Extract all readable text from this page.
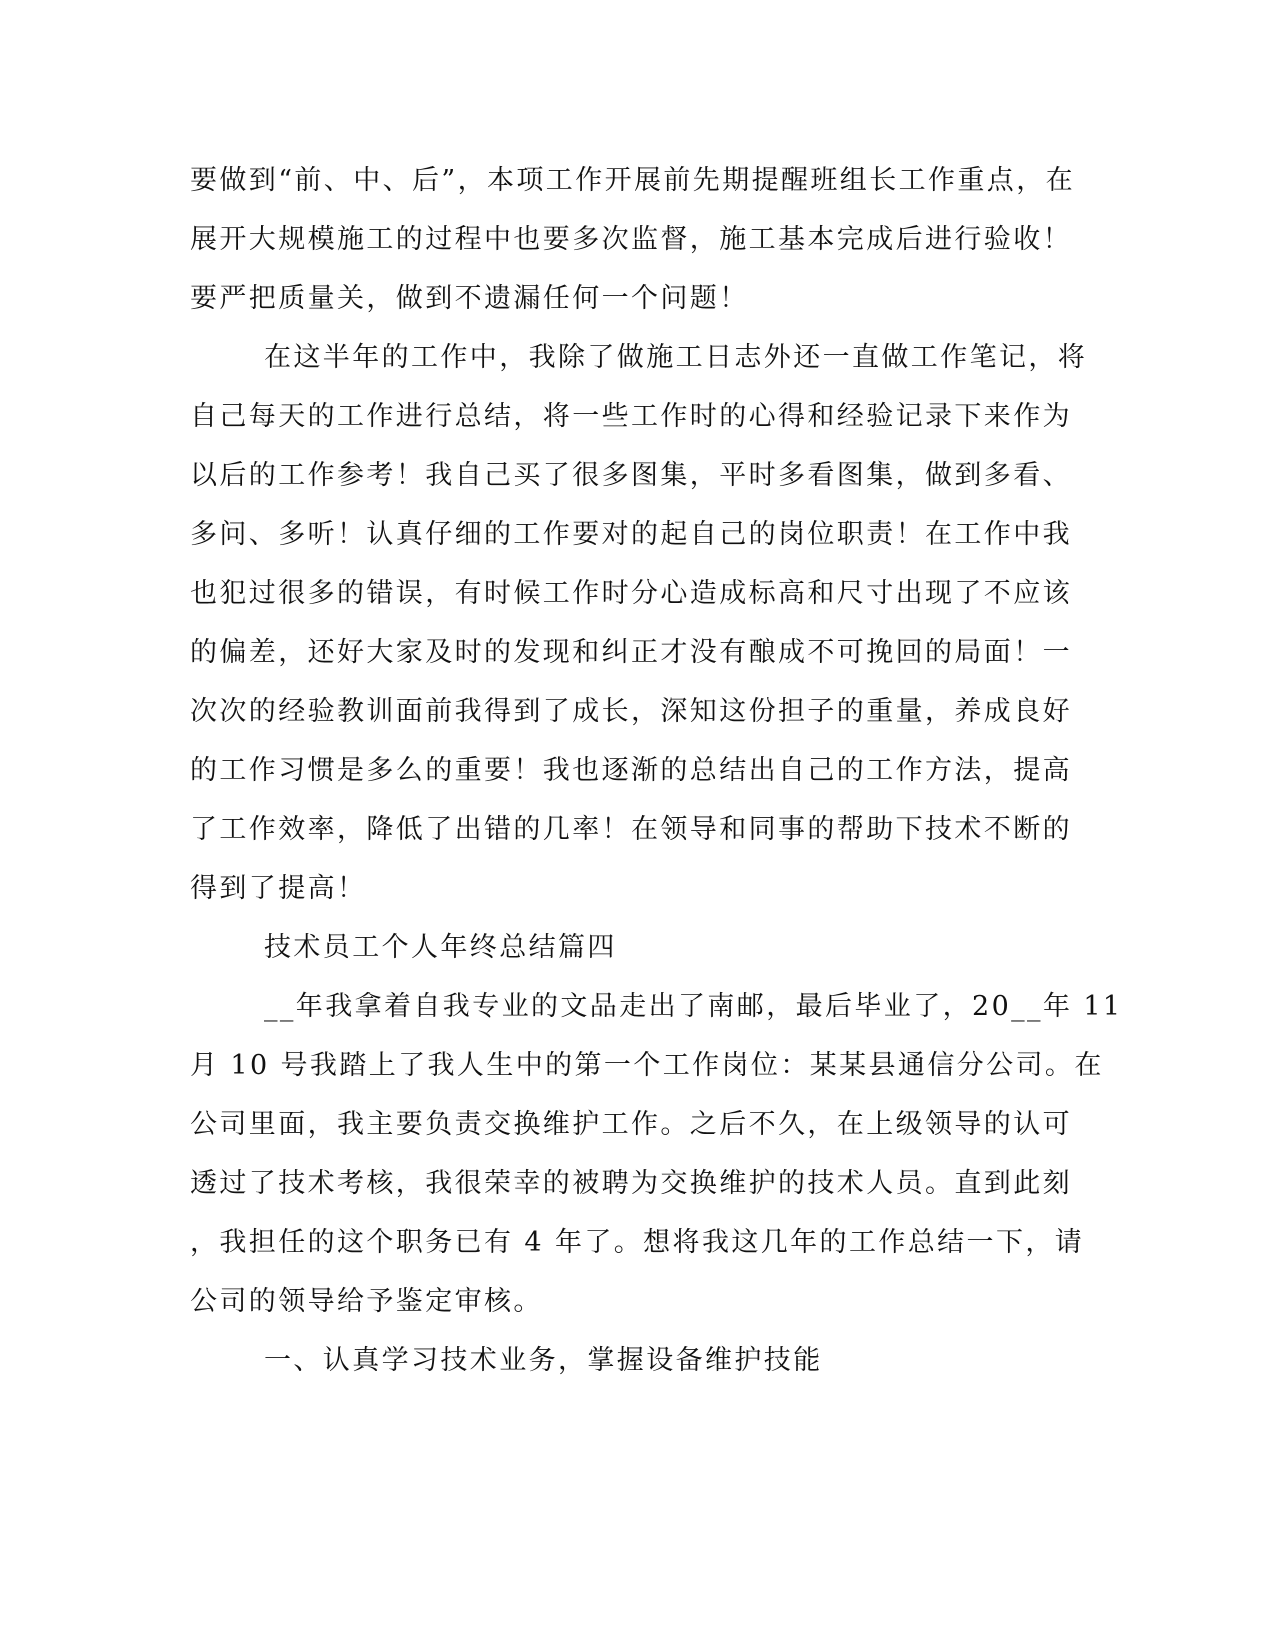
要做到“前、中、后”，本项工作开展前先期提醒班组长工作重点，在
展开大规模施工的过程中也要多次监督，施工基本完成后进行验收！
要严把质量关，做到不遗漏任何一个问题！
在这半年的工作中，我除了做施工日志外还一直做工作笔记，将
自己每天的工作进行总结，将一些工作时的心得和经验记录下来作为
以后的工作参考！我自己买了很多图集，平时多看图集，做到多看、
多问、多听！认真仔细的工作要对的起自己的岗位职责！在工作中我
也犯过很多的错误，有时候工作时分心造成标高和尺寸出现了不应该
的偏差，还好大家及时的发现和纠正才没有酿成不可挽回的局面！一
次次的经验教训面前我得到了成长，深知这份担子的重量，养成良好
的工作习惯是多么的重要！我也逐渐的总结出自己的工作方法，提高
了工作效率，降低了出错的几率！在领导和同事的帮助下技术不断的
得到了提高！
技术员工个人年终总结篇四
__年我拿着自我专业的文品走出了南邮，最后毕业了，20__年 11
月 10 号我踏上了我人生中的第一个工作岗位：某某县通信分公司。在
公司里面，我主要负责交换维护工作。之后不久，在上级领导的认可
透过了技术考核，我很荣幸的被聘为交换维护的技术人员。直到此刻
，我担任的这个职务已有 4 年了。想将我这几年的工作总结一下，请
公司的领导给予鉴定审核。
一、认真学习技术业务，掌握设备维护技能
